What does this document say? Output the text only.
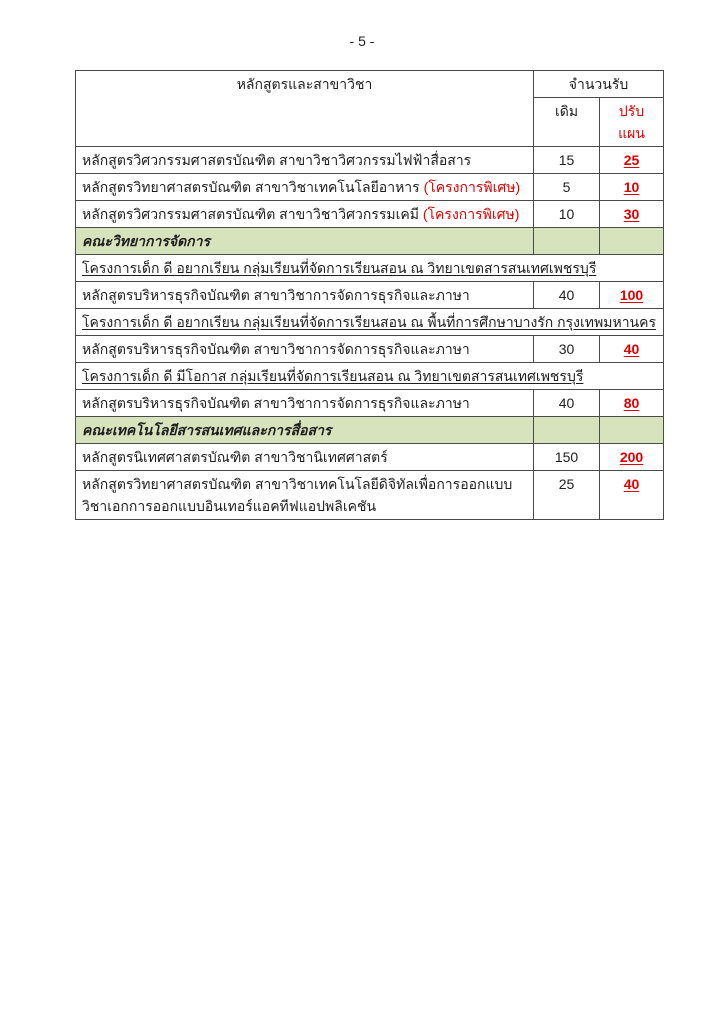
- 5 -
หลักสูตรและสาขาวิชา	จำนวนรับ	
	เดิม	ปรับแผน
หลักสูตรวิศวกรรมศาสตรบัณฑิต สาขาวิชาวิศวกรรมไฟฟ้าสื่อสาร	15	25
หลักสูตรวิทยาศาสตรบัณฑิต สาขาวิชาเทคโนโลยีอาหาร (โครงการพิเศษ)	5	10
หลักสูตรวิศวกรรมศาสตรบัณฑิต สาขาวิชาวิศวกรรมเคมี (โครงการพิเศษ)	10	30
คณะวิทยาการจัดการ		
โครงการเด็ก ดี อยากเรียน กลุ่มเรียนที่จัดการเรียนสอน ณ วิทยาเขตสารสนเทศเพชรบุรี		
หลักสูตรบริหารธุรกิจบัณฑิต สาขาวิชาการจัดการธุรกิจและภาษา	40	100
โครงการเด็ก ดี อยากเรียน กลุ่มเรียนที่จัดการเรียนสอน ณ พื้นที่การศึกษาบางรัก กรุงเทพมหานคร		
หลักสูตรบริหารธุรกิจบัณฑิต สาขาวิชาการจัดการธุรกิจและภาษา	30	40
โครงการเด็ก ดี มีโอกาส กลุ่มเรียนที่จัดการเรียนสอน ณ วิทยาเขตสารสนเทศเพชรบุรี		
หลักสูตรบริหารธุรกิจบัณฑิต สาขาวิชาการจัดการธุรกิจและภาษา	40	80
คณะเทคโนโลยีสารสนเทศและการสื่อสาร		
หลักสูตรนิเทศศาสตรบัณฑิต สาขาวิชานิเทศศาสตร์	150	200
หลักสูตรวิทยาศาสตรบัณฑิต สาขาวิชาเทคโนโลยีดิจิทัลเพื่อการออกแบบ วิชาเอกการออกแบบอินเทอร์แอคทีฟแอปพลิเคชัน	25	40
